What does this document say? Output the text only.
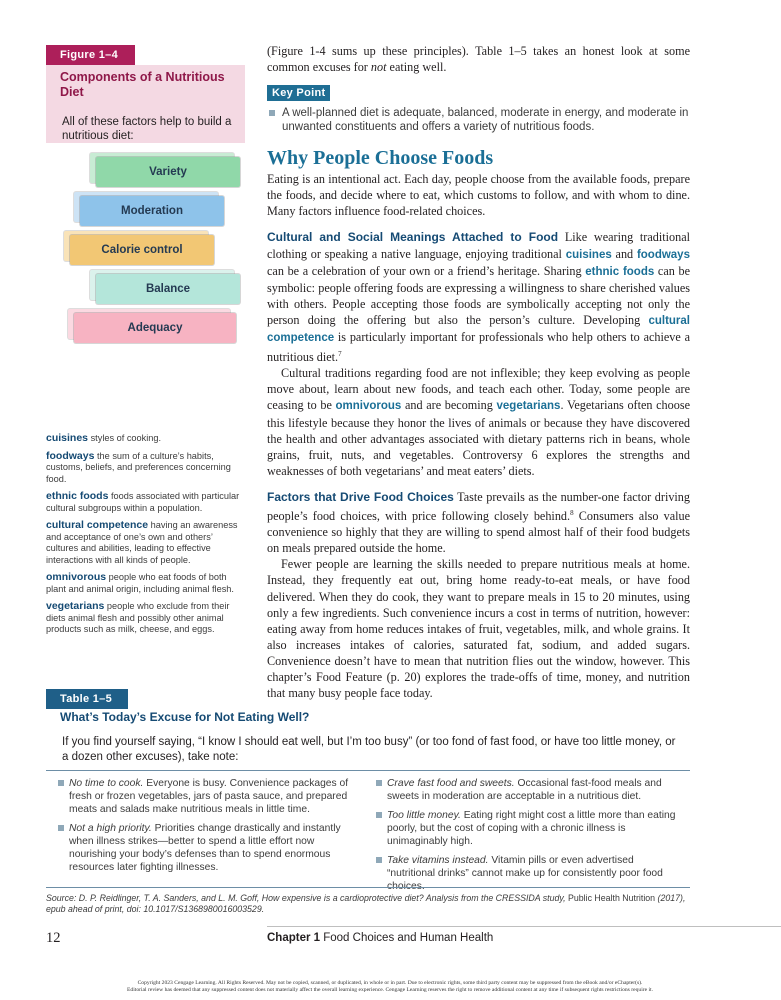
Figure 1–4
Components of a Nutritious Diet
All of these factors help to build a nutritious diet:
Variety
Moderation
Calorie control
Balance
Adequacy
cuisines styles of cooking.
foodways the sum of a culture’s habits, customs, beliefs, and preferences concerning food.
ethnic foods foods associated with particular cultural subgroups within a population.
cultural competence having an awareness and acceptance of one’s own and others’ cultures and abilities, leading to effective interactions with all kinds of people.
omnivorous people who eat foods of both plant and animal origin, including animal flesh.
vegetarians people who exclude from their diets animal flesh and possibly other animal products such as milk, cheese, and eggs.

(Figure 1-4 sums up these principles). Table 1–5 takes an honest look at some common excuses for not eating well.

Key Point
A well-planned diet is adequate, balanced, moderate in energy, and moderate in unwanted constituents and offers a variety of nutritious foods.
Why People Choose Foods

Eating is an intentional act. Each day, people choose from the available foods, prepare the foods, and decide where to eat, which customs to follow, and with whom to dine. Many factors influence food-related choices.

Cultural and Social Meanings Attached to Food Like wearing traditional clothing or speaking a native language, enjoying traditional cuisines and foodways can be a celebration of your own or a friend’s heritage. Sharing ethnic foods can be symbolic: people offering foods are expressing a willingness to share cherished values with others. People accepting those foods are symbolically accepting not only the person doing the offering but also the person’s culture. Developing cultural competence is particularly important for professionals who help others to achieve a nutritious diet.$^7$

Cultural traditions regarding food are not inflexible; they keep evolving as people move about, learn about new foods, and teach each other. Today, some people are ceasing to be omnivorous and are becoming vegetarians. Vegetarians often choose this lifestyle because they honor the lives of animals or because they have discovered the health and other advantages associated with dietary patterns rich in beans, whole grains, fruit, nuts, and vegetables. Controversy 6 explores the strengths and weaknesses of both vegetarians’ and meat eaters’ diets.

Factors that Drive Food Choices Taste prevails as the number-one factor driving people’s food choices, with price following closely behind.$^8$ Consumers also value convenience so highly that they are willing to spend almost half of their food budgets on meals prepared outside the home.

Fewer people are learning the skills needed to prepare nutritious meals at home. Instead, they frequently eat out, bring home ready-to-eat meals, or have food delivered. When they do cook, they want to prepare meals in 15 to 20 minutes, using only a few ingredients. Such convenience incurs a cost in terms of nutrition, however: eating away from home reduces intakes of fruit, vegetables, milk, and whole grains. It also increases intakes of calories, saturated fat, sodium, and added sugars. Convenience doesn’t have to mean that nutrition flies out the window, however. This chapter’s Food Feature (p. 20) explores the trade-offs of time, money, and nutrition that many busy people face today.

Table 1–5
What’s Today’s Excuse for Not Eating Well?
If you find yourself saying, “I know I should eat well, but I’m too busy” (or too fond of fast food, or have too little money, or a dozen other excuses), take note:
No time to cook. Everyone is busy. Convenience packages of fresh or frozen vegetables, jars of pasta sauce, and prepared meats and salads make nutritious meals in little time.
Not a high priority. Priorities change drastically and instantly when illness strikes—better to spend a little effort now nourishing your body’s defenses than to spend enormous resources later fighting illnesses.
Crave fast food and sweets. Occasional fast-food meals and sweets in moderation are acceptable in a nutritious diet.
Too little money. Eating right might cost a little more than eating poorly, but the cost of coping with a chronic illness is unimaginably high.
Take vitamins instead. Vitamin pills or even advertised “nutritional drinks” cannot make up for consistently poor food
Source: D. P. Reidlinger, T. A. Sanders, and L. M. Goff, How expensive is a cardioprotective diet? Analysis from the CRESSIDA study, Public Health Nutrition (2017), epub ahead of print, doi: 10.1017/S1368980016003529.
12	Chapter 1 Food Choices and Human Health
Copyright 2023 Cengage Learning. All Rights Reserved. May not be copied, scanned, or duplicated, in whole or in part. Due to electronic rights, some third party content may be suppressed from the eBook and/or eChapter(s).
Editorial review has deemed that any suppressed content does not materially affect the overall learning experience. Cengage Learning reserves the right to remove additional content at any time if subsequent rights restrictions require it.
